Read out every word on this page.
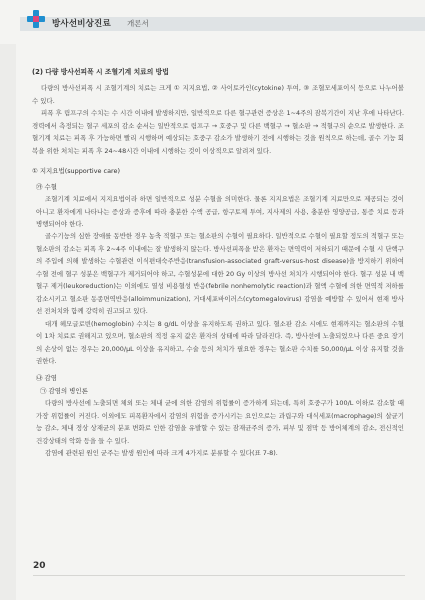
방사선비상진료 개론서

(2) 다량 방사선피폭 시 조혈기계 치료의 방법

다량의 방사선피폭 시 조혈기계의 치료는 크게 ① 지지요법, ② 사이토카인(cytokine) 투여, ③ 조혈모세포이식 등으로 나누어볼 수 있다.

피폭 후 림프구의 수치는 수 시간 이내에 발생하지만, 일반적으로 다른 혈구관련 증상은 1~4주의 잠복기간이 지난 후에 나타난다. 경력에서 측정되는 혈구 세포의 감소 순서는 일반적으로 림프구 → 호중구 및 다른 백혈구 → 혈소판 → 적혈구의 순으로 발생한다. 조혈기계 치료는 피폭 후 가능하면 빨리 시행하며 예상되는 호중구 감소가 발생하기 전에 시행하는 것을 원칙으로 하는데, 골수 기능 회복을 위한 처치는 피폭 후 24~48시간 이내에 시행하는 것이 이상적으로 알려져 있다.

① 지지요법(supportive care)

㉮ 수혈

조혈기계 치료에서 지지요법이라 하면 일반적으로 성분 수혈을 의미한다. 물론 지지요법은 조혈기계 지료만으로 제공되는 것이 아니고 환자에게 나타나는 증상과 증후에 따라 충분한 수액 공급, 항구토제 투여, 지사제의 사용, 충분한 영양공급, 통증 치료 등과 병행되어야 한다.

골수기능의 심한 장애를 동반한 경우 농축 적혈구 또는 혈소판의 수혈이 필요하다. 일반적으로 수혈이 필요할 정도의 적혈구 또는 혈소판의 감소는 피폭 후 2~4주 이내에는 잘 발생하지 않는다. 방사선피폭을 받은 환자는 면역력이 저하되기 때문에 수혈 시 단핵구의 주입에 의해 발생하는 수혈관련 이식편대숙주반응(transfusion-associated graft-versus-host disease)을 방지하기 위하여 수혈 전에 혈구 성분은 백혈구가 제거되어야 하고, 수혈성분에 대한 20 Gy 이상의 방사선 처치가 시행되어야 한다. 혈구 성분 내 백혈구 제거(leukoreduction)는 이외에도 열성 비용혈성 반응(febrile nonhemolytic reaction)과 혈액 수혈에 의한 면역적 저하를 감소시키고 혈소판 동종면역반응(alloimmunization), 거대세포바이러스(cytomegalovirus) 감염을 예방할 수 있어서 현재 방사선 전처치와 함께 강력히 권고되고 있다.

대개 헤모글로빈(hemoglobin) 수치는 8 g/dL 이상을 유지하도록 권하고 있다. 혈소판 감소 시에도 현재까지는 혈소판의 수혈이 1차 치료로 권해지고 있으며, 혈소판의 적정 유지 값은 환자의 상태에 따라 달라진다. 즉, 방사선에 노출되었으나 다른 중요 장기의 손상이 없는 경우는 20,000/μL 이상을 유지하고, 수술 등의 처치가 필요한 경우는 혈소판 수치를 50,000/μL 이상 유지할 것을 권한다.

㉯ 감염

㉠ 감염의 병인론

다량의 방사선에 노출되면 체외 또는 체내 균에 의한 감염의 위험률이 증가하게 되는데, 특히 호중구가 100/L 이하로 감소할 때 가장 위험률이 커진다. 이외에도 피폭환자에서 감염의 위험을 증가시키는 요인으로는 과립구와 대식세포(macrophage)의 살균기능 감소, 체내 정상 상재균의 분포 변화로 인한 감염을 유발할 수 있는 잠재균주의 증가, 피부 및 점막 등 방어체계의 감소, 전신적인 건강상태의 악화 등을 들 수 있다.

감염에 관련된 원인 균주는 발생 원인에 따라 크게 4가지로 분류할 수 있다(표 7-8).

20
